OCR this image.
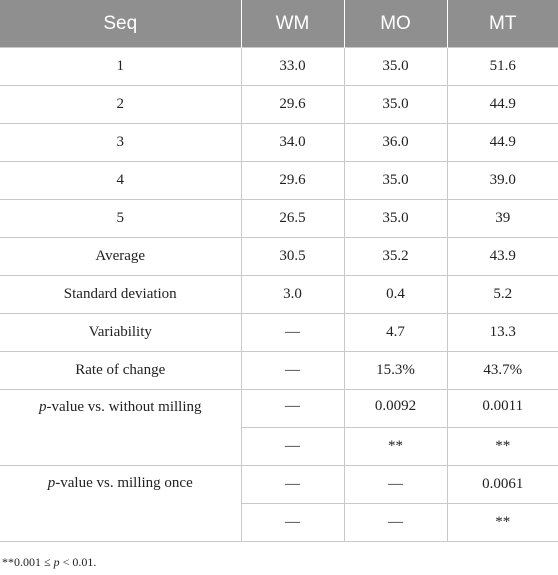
Seq	WM	MO	MT
1	33.0	35.0	51.6
2	29.6	35.0	44.9
3	34.0	36.0	44.9
4	29.6	35.0	39.0
5	26.5	35.0	39
Average	30.5	35.2	43.9
Standard deviation	3.0	0.4	5.2
Variability	—	4.7	13.3
Rate of change	—	15.3%	43.7%
p-value vs. without milling	—	0.0092	0.0011
	—	**	**
p-value vs. milling once	—	—	0.0061
	—	—	**
**0.001 ≤ p < 0.01.
